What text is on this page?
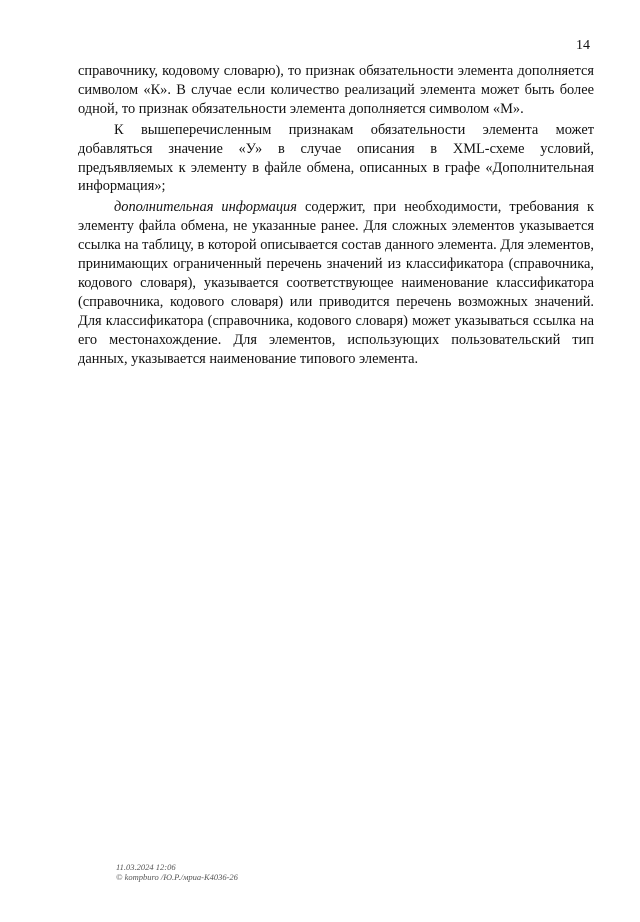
14

справочнику, кодовому словарю), то признак обязательности элемента дополняется символом «К». В случае если количество реализаций элемента может быть более одной, то признак обязательности элемента дополняется символом «М».

К вышеперечисленным признакам обязательности элемента может добавляться значение «У» в случае описания в XML-схеме условий, предъявляемых к элементу в файле обмена, описанных в графе «Дополнительная информация»;

дополнительная информация содержит, при необходимости, требования к элементу файла обмена, не указанные ранее. Для сложных элементов указывается ссылка на таблицу, в которой описывается состав данного элемента. Для элементов, принимающих ограниченный перечень значений из классификатора (справочника, кодового словаря), указывается соответствующее наименование классификатора (справочника, кодового словаря) или приводится перечень возможных значений. Для классификатора (справочника, кодового словаря) может указываться ссылка на его местонахождение. Для элементов, использующих пользовательский тип данных, указывается наименование типового элемента.

11.03.2024 12:06
© kompburo /Ю.Р./мриа-К4036-26
